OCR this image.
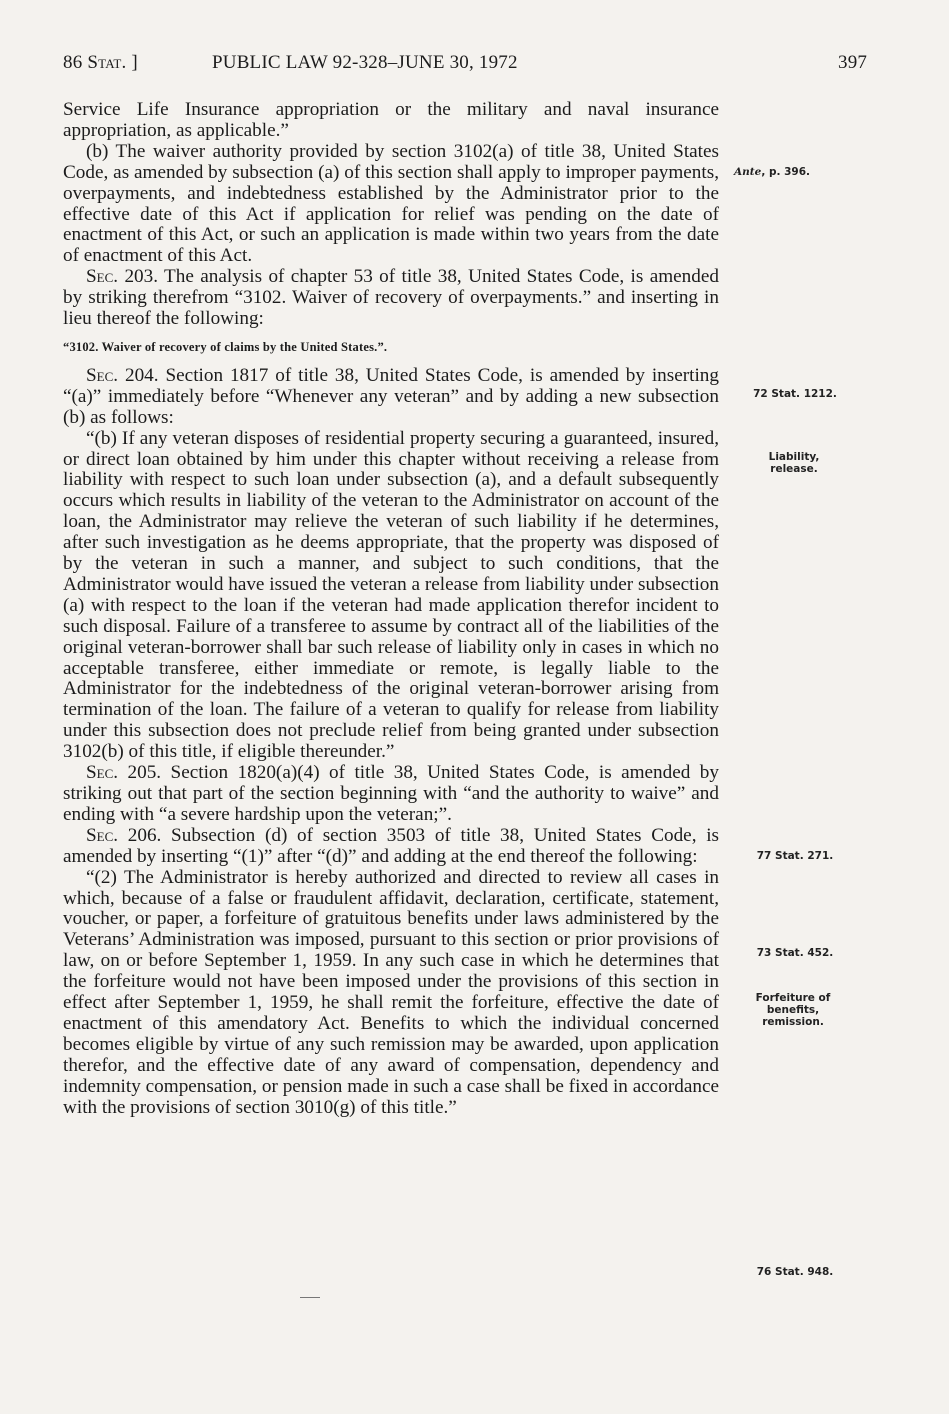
86 Stat. ]	PUBLIC LAW 92-328–JUNE 30, 1972	397

Service Life Insurance appropriation or the military and naval insurance appropriation, as applicable.”

(b) The waiver authority provided by section 3102(a) of title 38, United States Code, as amended by subsection (a) of this section shall apply to improper payments, overpayments, and indebtedness established by the Administrator prior to the effective date of this Act if application for relief was pending on the date of enactment of this Act, or such an application is made within two years from the date of enactment of this Act.

Sec. 203. The analysis of chapter 53 of title 38, United States Code, is amended by striking therefrom “3102. Waiver of recovery of overpayments.” and inserting in lieu thereof the following:

“3102. Waiver of recovery of claims by the United States.”.

Sec. 204. Section 1817 of title 38, United States Code, is amended by inserting “(a)” immediately before “Whenever any veteran” and by adding a new subsection (b) as follows:

“(b) If any veteran disposes of residential property securing a guaranteed, insured, or direct loan obtained by him under this chapter without receiving a release from liability with respect to such loan under subsection (a), and a default subsequently occurs which results in liability of the veteran to the Administrator on account of the loan, the Administrator may relieve the veteran of such liability if he determines, after such investigation as he deems appropriate, that the property was disposed of by the veteran in such a manner, and subject to such conditions, that the Administrator would have issued the veteran a release from liability under subsection (a) with respect to the loan if the veteran had made application therefor incident to such disposal. Failure of a transferee to assume by contract all of the liabilities of the original veteran-borrower shall bar such release of liability only in cases in which no acceptable transferee, either immediate or remote, is legally liable to the Administrator for the indebtedness of the original veteran-borrower arising from termination of the loan. The failure of a veteran to qualify for release from liability under this subsection does not preclude relief from being granted under subsection 3102(b) of this title, if eligible thereunder.”

Sec. 205. Section 1820(a)(4) of title 38, United States Code, is amended by striking out that part of the section beginning with “and the authority to waive” and ending with “a severe hardship upon the veteran;”.

Sec. 206. Subsection (d) of section 3503 of title 38, United States Code, is amended by inserting “(1)” after “(d)” and adding at the end thereof the following:

“(2) The Administrator is hereby authorized and directed to review all cases in which, because of a false or fraudulent affidavit, declaration, certificate, statement, voucher, or paper, a forfeiture of gratuitous benefits under laws administered by the Veterans’ Administration was imposed, pursuant to this section or prior provisions of law, on or before September 1, 1959. In any such case in which he determines that the forfeiture would not have been imposed under the provisions of this section in effect after September 1, 1959, he shall remit the forfeiture, effective the date of enactment of this amendatory Act. Benefits to which the individual concerned becomes eligible by virtue of any such remission may be awarded, upon application therefor, and the effective date of any award of compensation, dependency and indemnity compensation, or pension made in such a case shall be fixed in accordance with the provisions of section 3010(g) of this title.”

Ante, p. 396.
72 Stat. 1212.
Liability, release.
77 Stat. 271.
73 Stat. 452.
Forfeiture of benefits, remission.
76 Stat. 948.
